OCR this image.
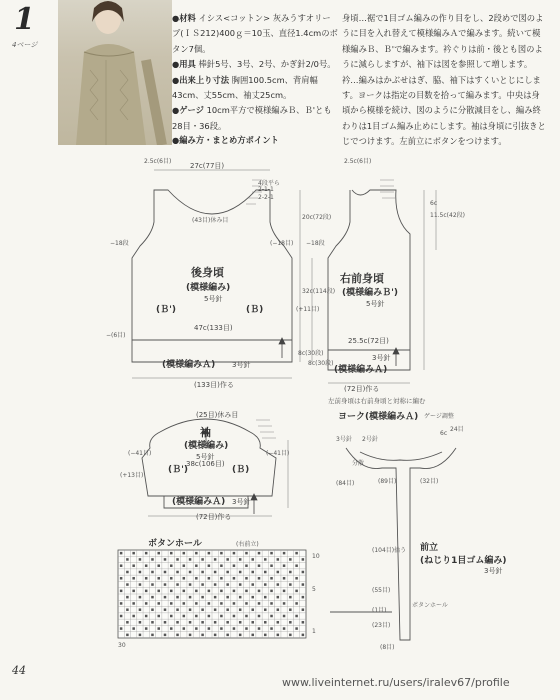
1
4ページ

●材料 イシス<コットン> 灰みうすオリーブ(ＩＳ212)400ｇ＝10玉、直径1.4cmのボタン7個。

●用具 棒針5号、3号、2号、かぎ針2/0号。

●出来上り寸法 胸囲100.5cm、背肩幅43cm、丈55cm、袖丈25cm。

●ゲージ 10cm平方で模様編みＢ、Ｂ'とも28目・36段。

●編み方・まとめ方ポイント

身頃…裾で1目ゴム編みの作り目をし、2段めで図のように目を入れ替えて模様編みＡで編みます。続いて模様編みＢ、Ｂ'で編みます。衿ぐりは前・後とも図のように減らしますが、袖下は図を参照して増します。衿…編みはかぶせはぎ、脇、袖下はすくいとじにします。ヨークは指定の目数を拾って編みます。中央は身頃から模様を続け、図のように分散減目をし、編み終わりは1目ゴム編み止めにします。袖は身頃に引抜きとじでつけます。左前立にボタンをつけます。

27c(77目)
2.5c(6目)
(43目)休み目
4段平ら
2-1-1
2-2-1
−18段	(−18目)
(+11目)
20c(72段)
32c(114段)
−(6目)
後身頃
(模様編み)
5号針
(Ｂ')	(Ｂ)
47c(133目)
(模様編みＡ) 3号針
8c(30段)
(133目)作る
2.5c(6目)
6c
11.5c(42段)
−18段
右前身頃
(模様編みＢ')
5号針
25.5c(72目)
(模様編みＡ)
3号針
8c(30段)
(72目)作る
左前身頃は右前身頃と対称に編む
(25目)休み目
袖
(模様編み)
5号針
38c(106目)
(Ｂ')	(Ｂ)
(−41目)	(−41目)
(+13目)
(模様編みＡ) 3号針
(72目)作る
ヨーク(模様編みＡ) ゲージ調整
3号針 2号針
分散
(84目)	(89目)	(32目)
6c
24目
前立
(ねじり1目ゴム編み)
3号針
(104目)拾う
(55目)
ボタンホール
(1目)
(23目)
(8目)
ボタンホール	(右前立)
10
5
1
30
44
www.liveinternet.ru/users/iralev67/profile
